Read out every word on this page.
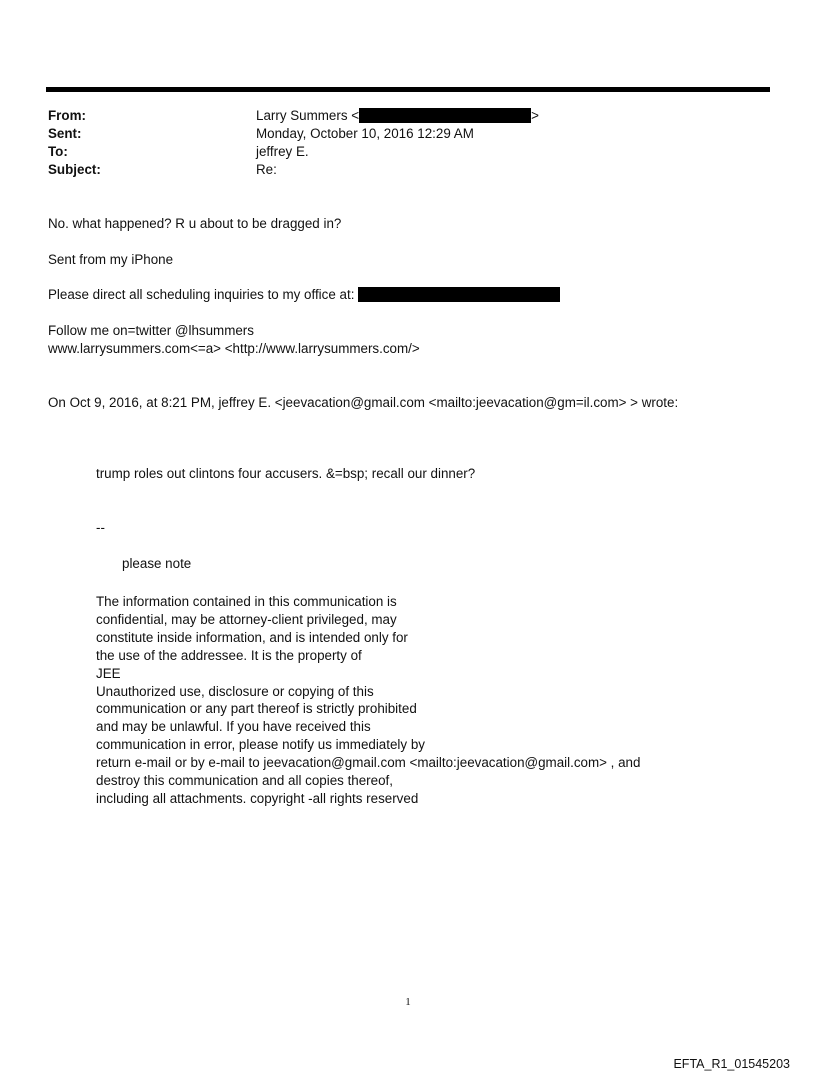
From:	Larry Summers <	>
Sent:	Monday, October 10, 2016 12:29 AM
To:	jeffrey E.
Subject:	Re:
No. what happened? R u about to be dragged in?
Sent from my iPhone
Please direct all scheduling inquiries to my office at:
Follow me on=twitter @lhsummers
www.larrysummers.com<=a> <http://www.larrysummers.com/>
On Oct 9, 2016, at 8:21 PM, jeffrey E. <jeevacation@gmail.com <mailto:jeevacation@gm=il.com> > wrote:
trump roles out clintons four accusers. &=bsp; recall our dinner?
--
please note
The information contained in this communication is
confidential, may be attorney-client privileged, may
constitute inside information, and is intended only for
the use of the addressee. It is the property of
JEE
Unauthorized use, disclosure or copying of this
communication or any part thereof is strictly prohibited
and may be unlawful. If you have received this
communication in error, please notify us immediately by
return e-mail or by e-mail to jeevacation@gmail.com <mailto:jeevacation@gmail.com> , and
destroy this communication and all copies thereof,
including all attachments. copyright -all rights reserved
1
EFTA_R1_01545203
